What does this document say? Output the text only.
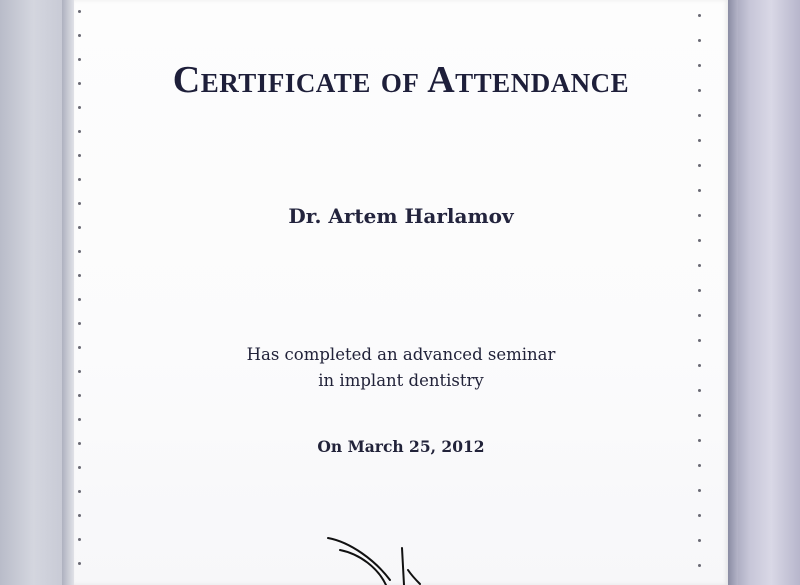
Certificate of Attendance
Dr. Artem Harlamov
Has completed an advanced seminar
in implant dentistry
On March 25, 2012
